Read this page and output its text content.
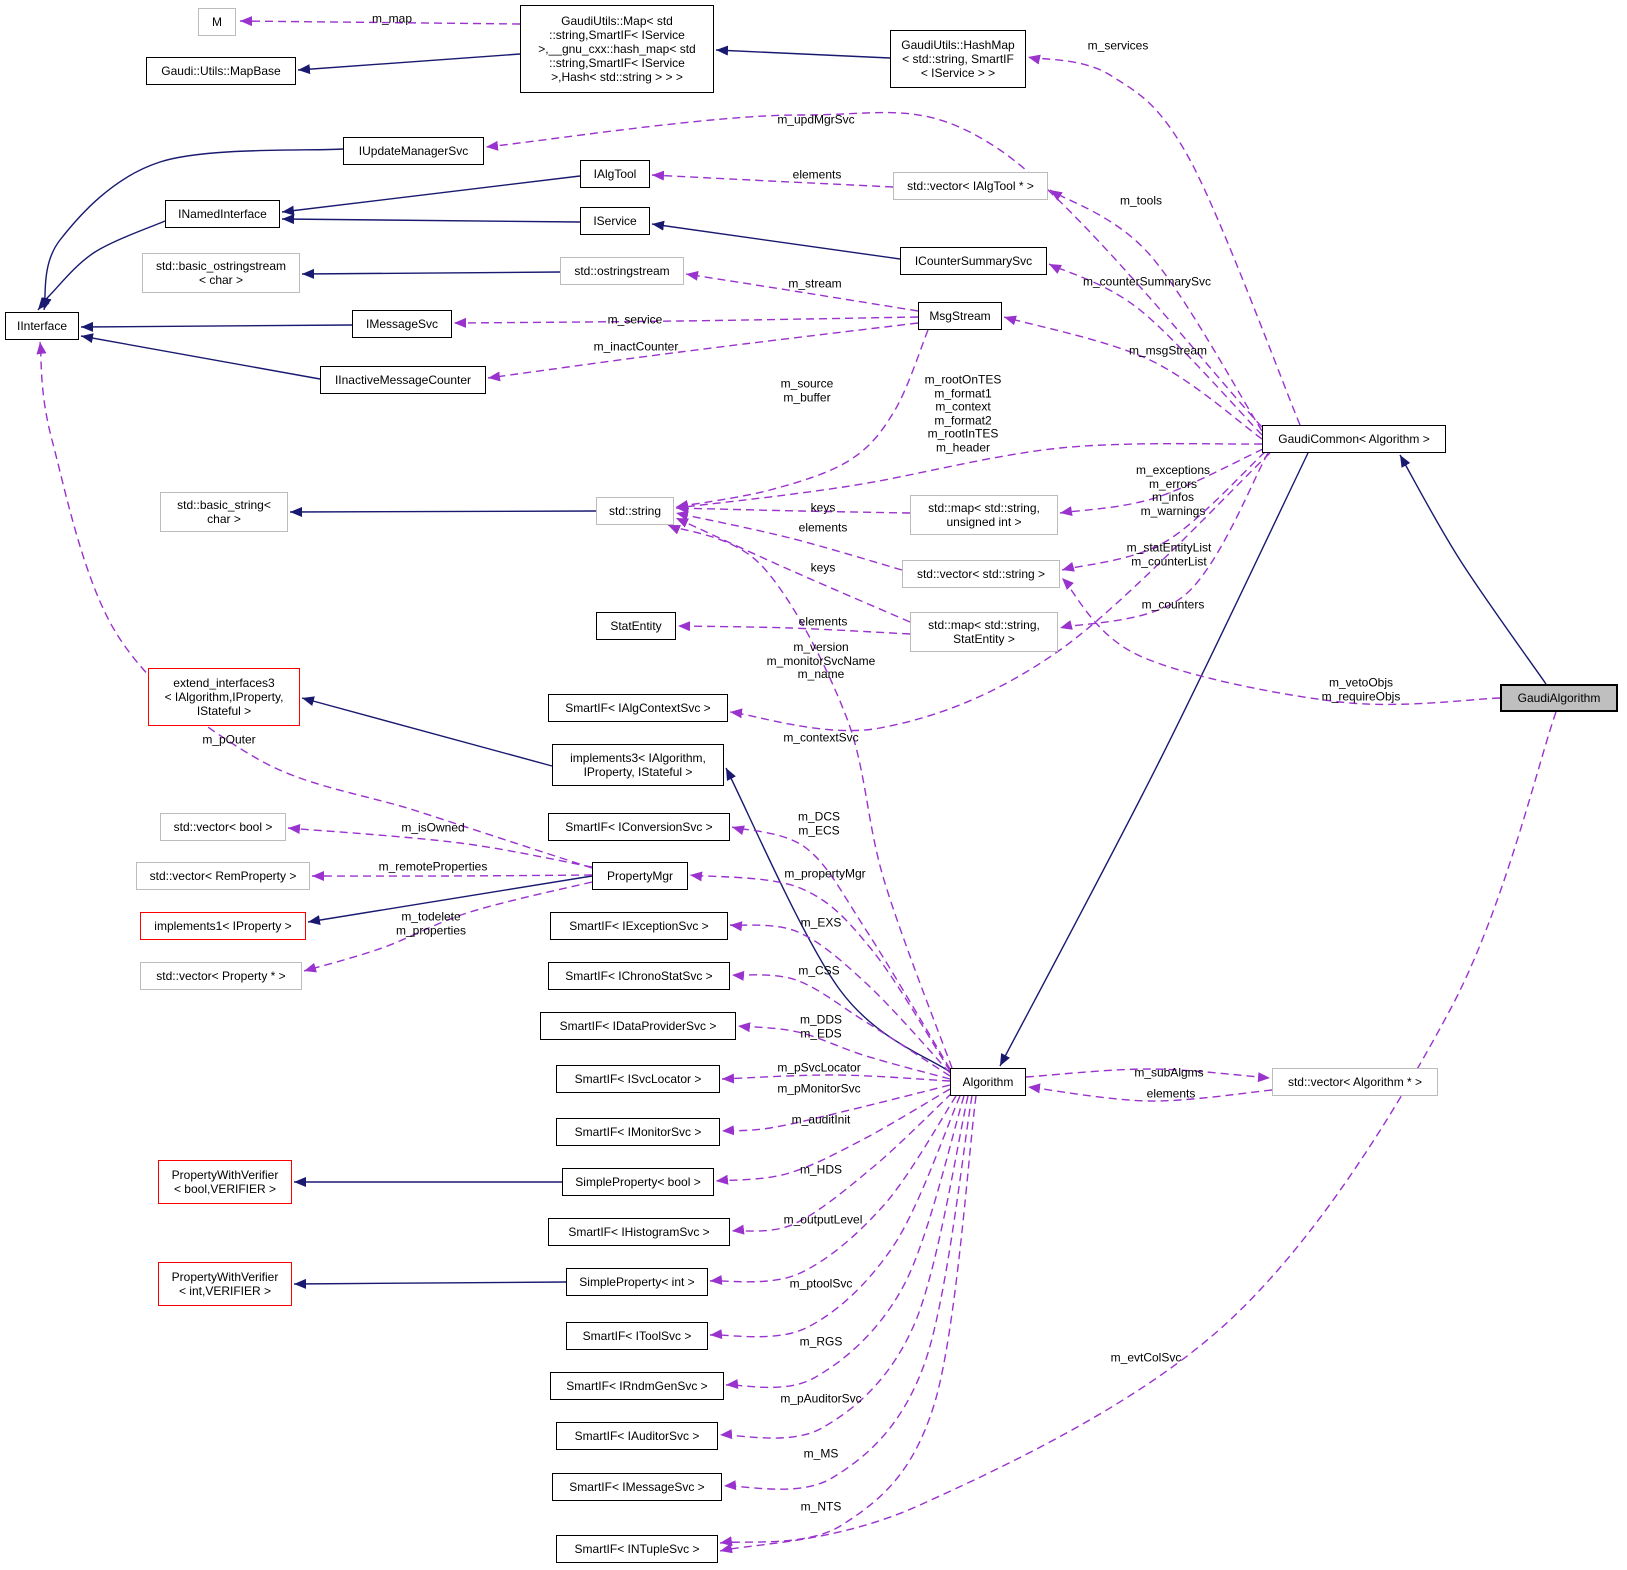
M	GaudiUtils::Map< std
::string,SmartIF< IService
>,__gnu_cxx::hash_map< std
::string,SmartIF< IService
>,Hash< std::string > > >
GaudiUtils::HashMap
< std::string, SmartIF
< IService > >
Gaudi::Utils::MapBase
IUpdateManagerSvc
IAlgTool
std::vector< IAlgTool * >
INamedInterface	IService
ICounterSummarySvc
std::basic_ostringstream
< char >
std::ostringstream
IInterface	IMessageSvc
MsgStream
IInactiveMessageCounter
GaudiCommon< Algorithm >
std::basic_string<
char >
std::string	std::map< std::string,
unsigned int >
std::vector< std::string >
StatEntity	std::map< std::string,
StatEntity >
extend_interfaces3
< IAlgorithm,IProperty,
IStateful >	SmartIF< IAlgContextSvc >
implements3< IAlgorithm,
IProperty, IStateful >
GaudiAlgorithm
std::vector< bool >	SmartIF< IConversionSvc >
std::vector< RemProperty >	PropertyMgr
implements1< IProperty >	SmartIF< IExceptionSvc >
std::vector< Property * >	SmartIF< IChronoStatSvc >
SmartIF< IDataProviderSvc >
SmartIF< ISvcLocator >	Algorithm	std::vector< Algorithm * >
SmartIF< IMonitorSvc >
PropertyWithVerifier
< bool,VERIFIER >	SimpleProperty< bool >
SmartIF< IHistogramSvc >
PropertyWithVerifier
< int,VERIFIER >
SimpleProperty< int >
SmartIF< IToolSvc >
SmartIF< IRndmGenSvc >
SmartIF< IAuditorSvc >
SmartIF< IMessageSvc >
SmartIF< INTupleSvc >
m_map
m_services
m_updMgrSvc
elements
m_tools
m_counterSummarySvc
m_stream
m_service
m_inactCounter	m_msgStream
m_source
m_buffer
m_rootOnTES
m_format1
m_context
m_format2
m_rootInTES
m_header
m_exceptions
m_errors
m_infos
m_warnings
keys
elements
m_statEntityList
m_counterList
keys
m_counters
elements
m_version
m_monitorSvcName
m_name
m_pOuter	m_contextSvc
m_vetoObjs
m_requireObjs
m_isOwned
m_DCS
m_ECS
m_remoteProperties	m_propertyMgr
m_todelete
m_properties
m_EXS
m_CSS
m_DDS
m_EDS
m_pSvcLocator
m_pMonitorSvc
m_subAlgms
elements
m_auditInit
m_HDS
m_outputLevel
m_ptoolSvc
m_RGS
m_pAuditorSvc
m_MS
m_NTS
m_evtColSvc
